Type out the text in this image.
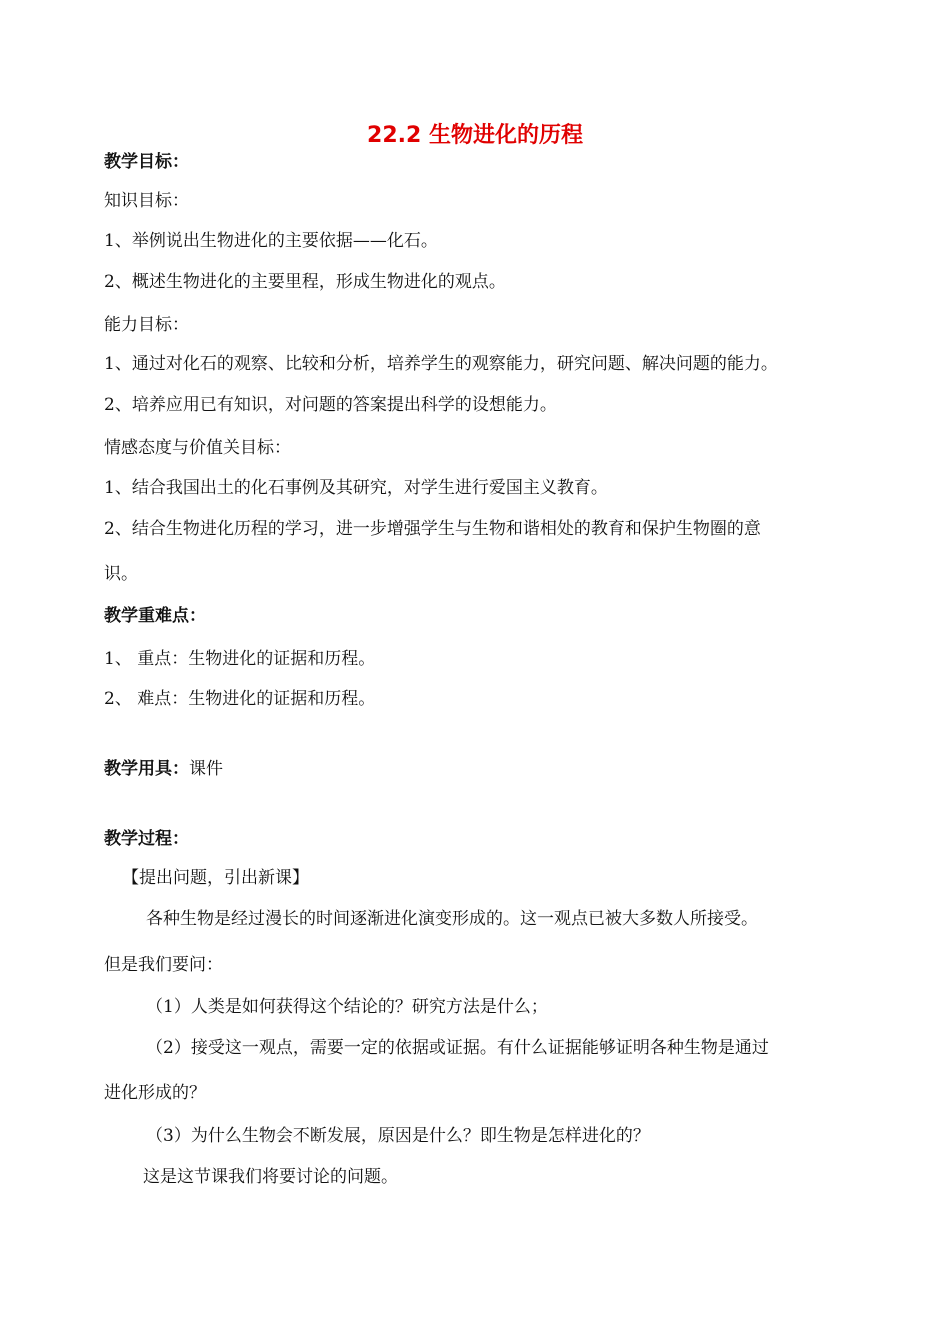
22.2 生物进化的历程
教学目标：
知识目标：
1、举例说出生物进化的主要依据——化石。
2、概述生物进化的主要里程，形成生物进化的观点。
能力目标：
1、通过对化石的观察、比较和分析，培养学生的观察能力，研究问题、解决问题的能力。
2、培养应用已有知识，对问题的答案提出科学的设想能力。
情感态度与价值关目标：
1、结合我国出土的化石事例及其研究，对学生进行爱国主义教育。
2、结合生物进化历程的学习，进一步增强学生与生物和谐相处的教育和保护生物圈的意
识。
教学重难点：
1、 重点：生物进化的证据和历程。
2、 难点：生物进化的证据和历程。
教学用具：课件
教学过程：
【提出问题，引出新课】
各种生物是经过漫长的时间逐渐进化演变形成的。这一观点已被大多数人所接受。
但是我们要问：
（1）人类是如何获得这个结论的？研究方法是什么；
（2）接受这一观点，需要一定的依据或证据。有什么证据能够证明各种生物是通过
进化形成的？
（3）为什么生物会不断发展，原因是什么？即生物是怎样进化的？
这是这节课我们将要讨论的问题。
